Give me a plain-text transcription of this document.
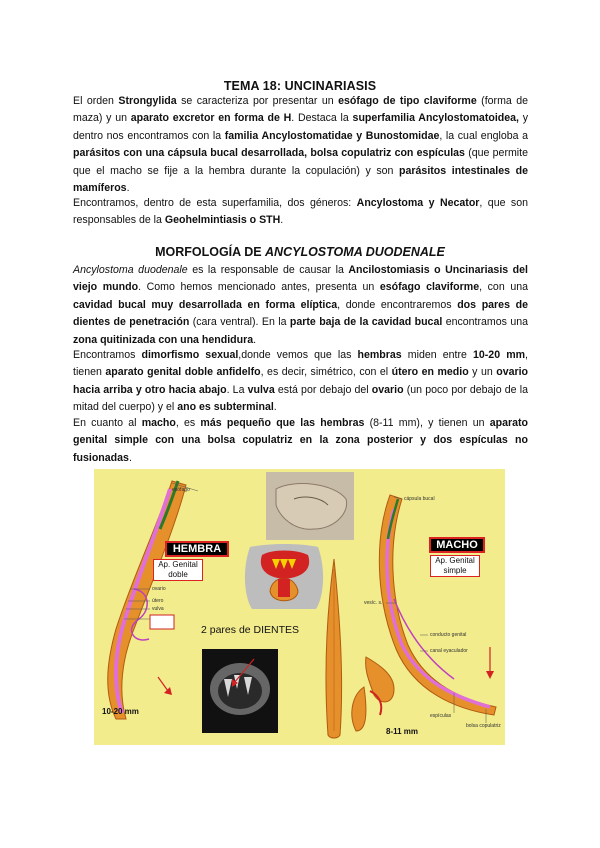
TEMA 18: UNCINARIASIS
El orden Strongylida se caracteriza por presentar un esófago de tipo claviforme (forma de maza) y un aparato excretor en forma de H. Destaca la superfamilia Ancylostomatoidea, y dentro nos encontramos con la familia Ancylostomatidae y Bunostomidae, la cual engloba a parásitos con una cápsula bucal desarrollada, bolsa copulatriz con espículas (que permite que el macho se fije a la hembra durante la copulación) y son parásitos intestinales de mamíferos.
Encontramos, dentro de esta superfamilia, dos géneros: Ancylostoma y Necator, que son responsables de la Geohelmintiasis o STH.
MORFOLOGÍA DE ANCYLOSTOMA DUODENALE
Ancylostoma duodenale es la responsable de causar la Ancilostomiasis o Uncinariasis del viejo mundo. Como hemos mencionado antes, presenta un esófago claviforme, con una cavidad bucal muy desarrollada en forma elíptica, donde encontraremos dos pares de dientes de penetración (cara ventral). En la parte baja de la cavidad bucal encontramos una zona quitinizada con una hendidura.
Encontramos dimorfismo sexual,donde vemos que las hembras miden entre 10-20 mm, tienen aparato genital doble anfidelfo, es decir, simétrico, con el útero en medio y un ovario hacia arriba y otro hacia abajo. La vulva está por debajo del ovario (un poco por debajo de la mitad del cuerpo) y el ano es subterminal.
En cuanto al macho, es más pequeño que las hembras (8-11 mm), y tienen un aparato genital simple con una bolsa copulatriz en la zona posterior y dos espículas no fusionadas.
HEMBRA
Ap. Genital doble
MACHO
Ap. Genital simple
2 pares de DIENTES
10-20 mm
8-11 mm
esófago
ovario
útero
vulva
cápsula bucal
vesíc. s.
conducto genital
canal eyaculador
espículas
bolsa copulatriz
